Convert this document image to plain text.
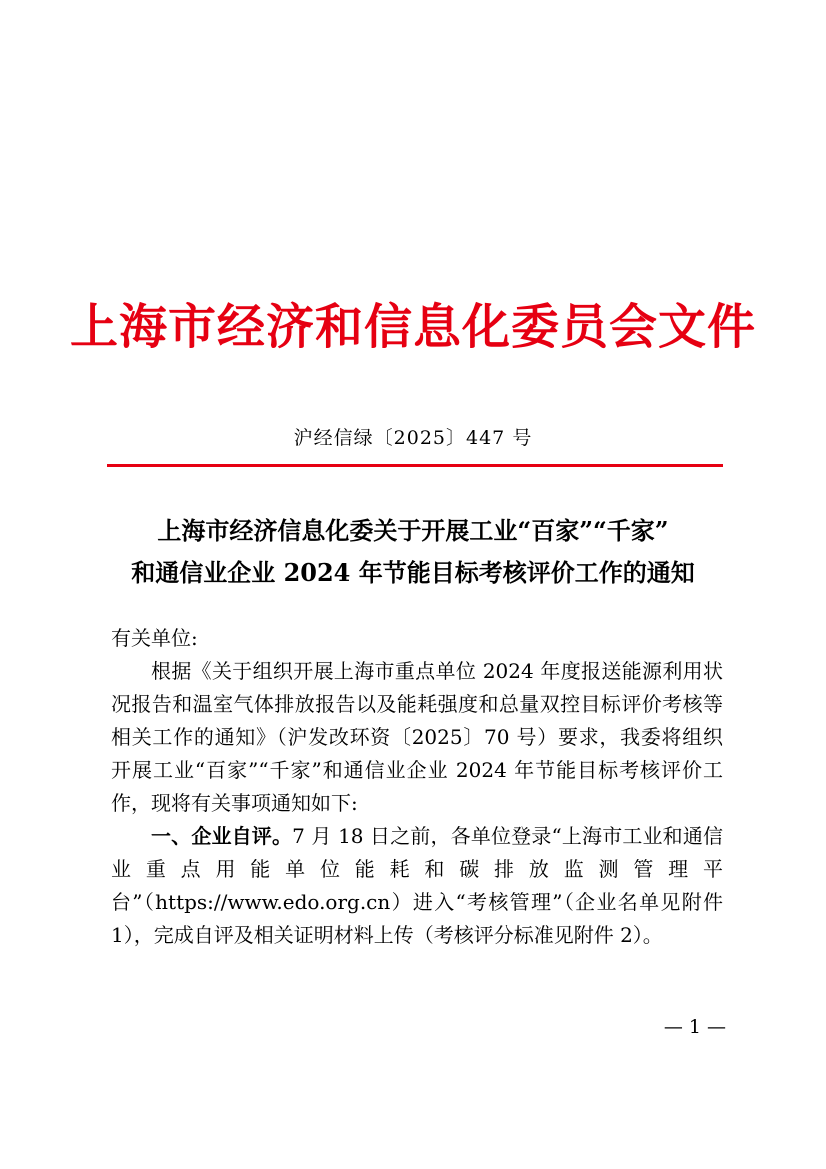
上海市经济和信息化委员会文件
沪经信绿〔2025〕447 号
上海市经济信息化委关于开展工业“百家”“千家”
和通信业企业 2024 年节能目标考核评价工作的通知

有关单位:

根据《关于组织开展上海市重点单位 2024 年度报送能源利用状况报告和温室气体排放报告以及能耗强度和总量双控目标评价考核等相关工作的通知》（沪发改环资〔2025〕70 号）要求，我委将组织开展工业“百家”“千家”和通信业企业 2024 年节能目标考核评价工作，现将有关事项通知如下:

一、企业自评。7 月 18 日之前，各单位登录“上海市工业和通信业重点用能单位能耗和碳排放监测管理平台”（https://www.edo.org.cn）进入“考核管理”（企业名单见附件 1），完成自评及相关证明材料上传（考核评分标准见附件 2）。

— 1 —
